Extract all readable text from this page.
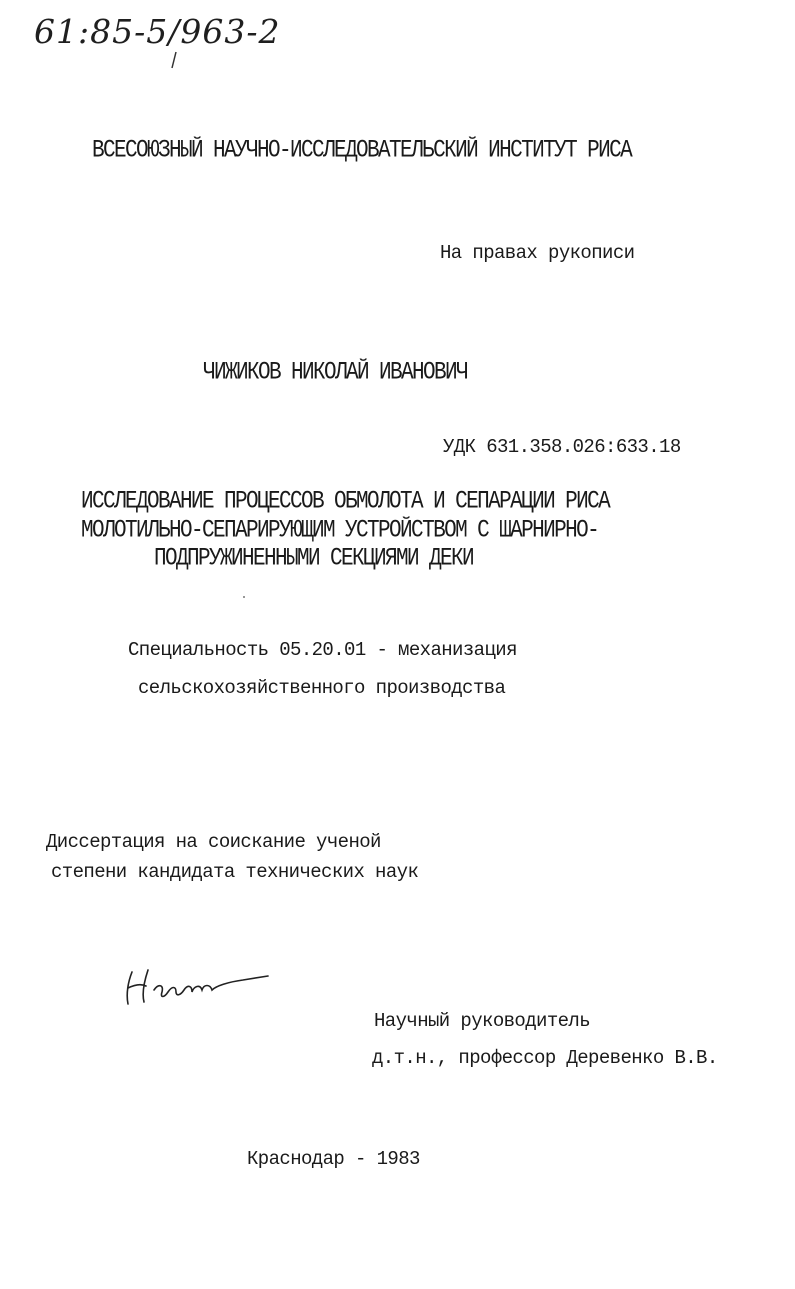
61:85-5/963-2
ВСЕСОЮЗНЫЙ НАУЧНО-ИССЛЕДОВАТЕЛЬСКИЙ ИНСТИТУТ РИСА
На правах рукописи
ЧИЖИКОВ НИКОЛАЙ ИВАНОВИЧ
УДК 631.358.026:633.18
ИССЛЕДОВАНИЕ ПРОЦЕССОВ ОБМОЛОТА И СЕПАРАЦИИ РИСА
МОЛОТИЛЬНО-СЕПАРИРУЮЩИМ УСТРОЙСТВОМ С ШАРНИРНО-
ПОДПРУЖИНЕННЫМИ СЕКЦИЯМИ ДЕКИ
Специальность 05.20.01 - механизация
сельскохозяйственного производства
Диссертация на соискание ученой
степени кандидата технических наук
Научный руководитель
д.т.н., профессор Деревенко В.В.
Краснодар - 1983
